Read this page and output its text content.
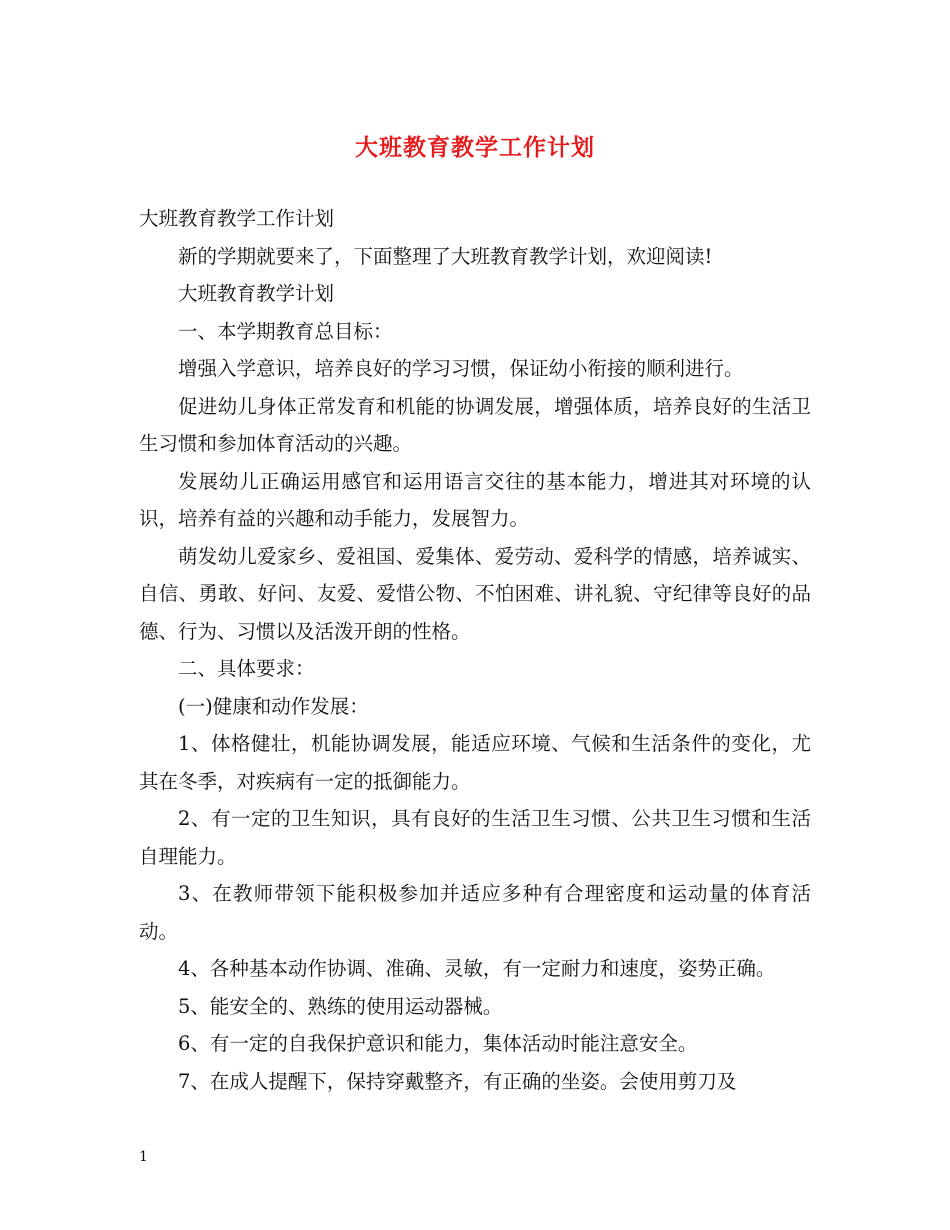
大班教育教学工作计划

大班教育教学工作计划

新的学期就要来了，下面整理了大班教育教学计划，欢迎阅读!

大班教育教学计划

一、本学期教育总目标：

增强入学意识，培养良好的学习习惯，保证幼小衔接的顺利进行。

促进幼儿身体正常发育和机能的协调发展，增强体质，培养良好的生活卫生习惯和参加体育活动的兴趣。

发展幼儿正确运用感官和运用语言交往的基本能力，增进其对环境的认识，培养有益的兴趣和动手能力，发展智力。

萌发幼儿爱家乡、爱祖国、爱集体、爱劳动、爱科学的情感，培养诚实、自信、勇敢、好问、友爱、爱惜公物、不怕困难、讲礼貌、守纪律等良好的品德、行为、习惯以及活泼开朗的性格。

二、具体要求：

(一)健康和动作发展：

1、体格健壮，机能协调发展，能适应环境、气候和生活条件的变化，尤其在冬季，对疾病有一定的抵御能力。

2、有一定的卫生知识，具有良好的生活卫生习惯、公共卫生习惯和生活自理能力。

3、在教师带领下能积极参加并适应多种有合理密度和运动量的体育活动。

4、各种基本动作协调、准确、灵敏，有一定耐力和速度，姿势正确。

5、能安全的、熟练的使用运动器械。

6、有一定的自我保护意识和能力，集体活动时能注意安全。

7、在成人提醒下，保持穿戴整齐，有正确的坐姿。会使用剪刀及

1
